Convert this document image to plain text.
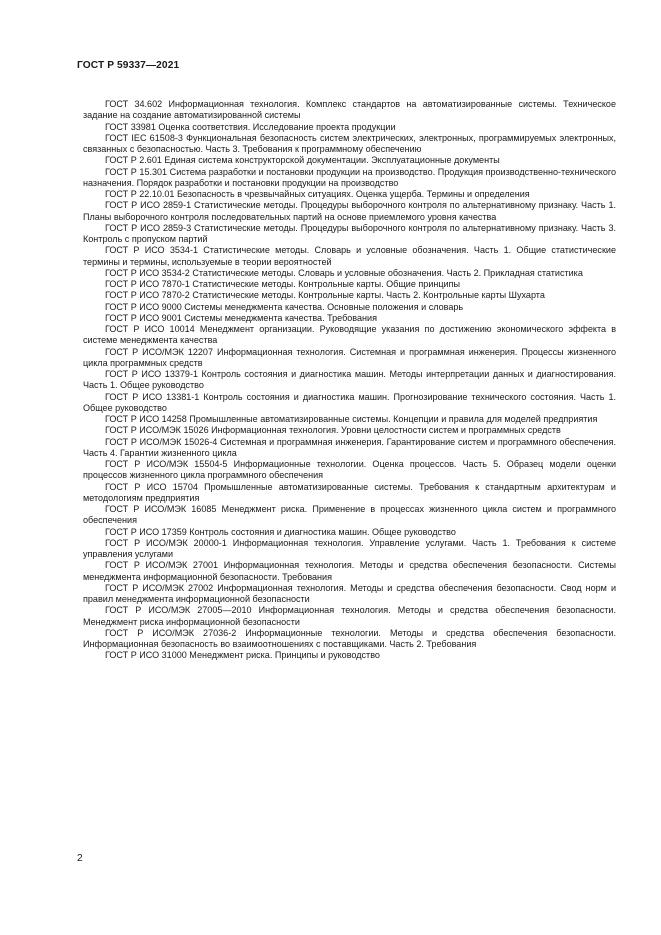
ГОСТ Р 59337—2021

ГОСТ 34.602 Информационная технология. Комплекс стандартов на автоматизированные системы. Техническое задание на создание автоматизированной системы

ГОСТ 33981 Оценка соответствия. Исследование проекта продукции

ГОСТ IEC 61508-3 Функциональная безопасность систем электрических, электронных, программируемых электронных, связанных с безопасностью. Часть 3. Требования к программному обеспечению

ГОСТ Р 2.601 Единая система конструкторской документации. Эксплуатационные документы

ГОСТ Р 15.301 Система разработки и постановки продукции на производство. Продукция производственно-технического назначения. Порядок разработки и постановки продукции на производство

ГОСТ Р 22.10.01 Безопасность в чрезвычайных ситуациях. Оценка ущерба. Термины и определения

ГОСТ Р ИСО 2859-1 Статистические методы. Процедуры выборочного контроля по альтернативному признаку. Часть 1. Планы выборочного контроля последовательных партий на основе приемлемого уровня качества

ГОСТ Р ИСО 2859-3 Статистические методы. Процедуры выборочного контроля по альтернативному признаку. Часть 3. Контроль с пропуском партий

ГОСТ Р ИСО 3534-1 Статистические методы. Словарь и условные обозначения. Часть 1. Общие статистические термины и термины, используемые в теории вероятностей

ГОСТ Р ИСО 3534-2 Статистические методы. Словарь и условные обозначения. Часть 2. Прикладная статистика

ГОСТ Р ИСО 7870-1 Статистические методы. Контрольные карты. Общие принципы

ГОСТ Р ИСО 7870-2 Статистические методы. Контрольные карты. Часть 2. Контрольные карты Шухарта

ГОСТ Р ИСО 9000 Системы менеджмента качества. Основные положения и словарь

ГОСТ Р ИСО 9001 Системы менеджмента качества. Требования

ГОСТ Р ИСО 10014 Менеджмент организации. Руководящие указания по достижению экономического эффекта в системе менеджмента качества

ГОСТ Р ИСО/МЭК 12207 Информационная технология. Системная и программная инженерия. Процессы жизненного цикла программных средств

ГОСТ Р ИСО 13379-1 Контроль состояния и диагностика машин. Методы интерпретации данных и диагностирования. Часть 1. Общее руководство

ГОСТ Р ИСО 13381-1 Контроль состояния и диагностика машин. Прогнозирование технического состояния. Часть 1. Общее руководство

ГОСТ Р ИСО 14258 Промышленные автоматизированные системы. Концепции и правила для моделей предприятия

ГОСТ Р ИСО/МЭК 15026 Информационная технология. Уровни целостности систем и программных средств

ГОСТ Р ИСО/МЭК 15026-4 Системная и программная инженерия. Гарантирование систем и программного обеспечения. Часть 4. Гарантии жизненного цикла

ГОСТ Р ИСО/МЭК 15504-5 Информационные технологии. Оценка процессов. Часть 5. Образец модели оценки процессов жизненного цикла программного обеспечения

ГОСТ Р ИСО 15704 Промышленные автоматизированные системы. Требования к стандартным архитектурам и методологиям предприятия

ГОСТ Р ИСО/МЭК 16085 Менеджмент риска. Применение в процессах жизненного цикла систем и программного обеспечения

ГОСТ Р ИСО 17359 Контроль состояния и диагностика машин. Общее руководство

ГОСТ Р ИСО/МЭК 20000-1 Информационная технология. Управление услугами. Часть 1. Требования к системе управления услугами

ГОСТ Р ИСО/МЭК 27001 Информационная технология. Методы и средства обеспечения безопасности. Системы менеджмента информационной безопасности. Требования

ГОСТ Р ИСО/МЭК 27002 Информационная технология. Методы и средства обеспечения безопасности. Свод норм и правил менеджмента информационной безопасности

ГОСТ Р ИСО/МЭК 27005—2010 Информационная технология. Методы и средства обеспечения безопасности. Менеджмент риска информационной безопасности

ГОСТ Р ИСО/МЭК 27036-2 Информационные технологии. Методы и средства обеспечения безопасности. Информационная безопасность во взаимоотношениях с поставщиками. Часть 2. Требования

ГОСТ Р ИСО 31000 Менеджмент риска. Принципы и руководство

2
